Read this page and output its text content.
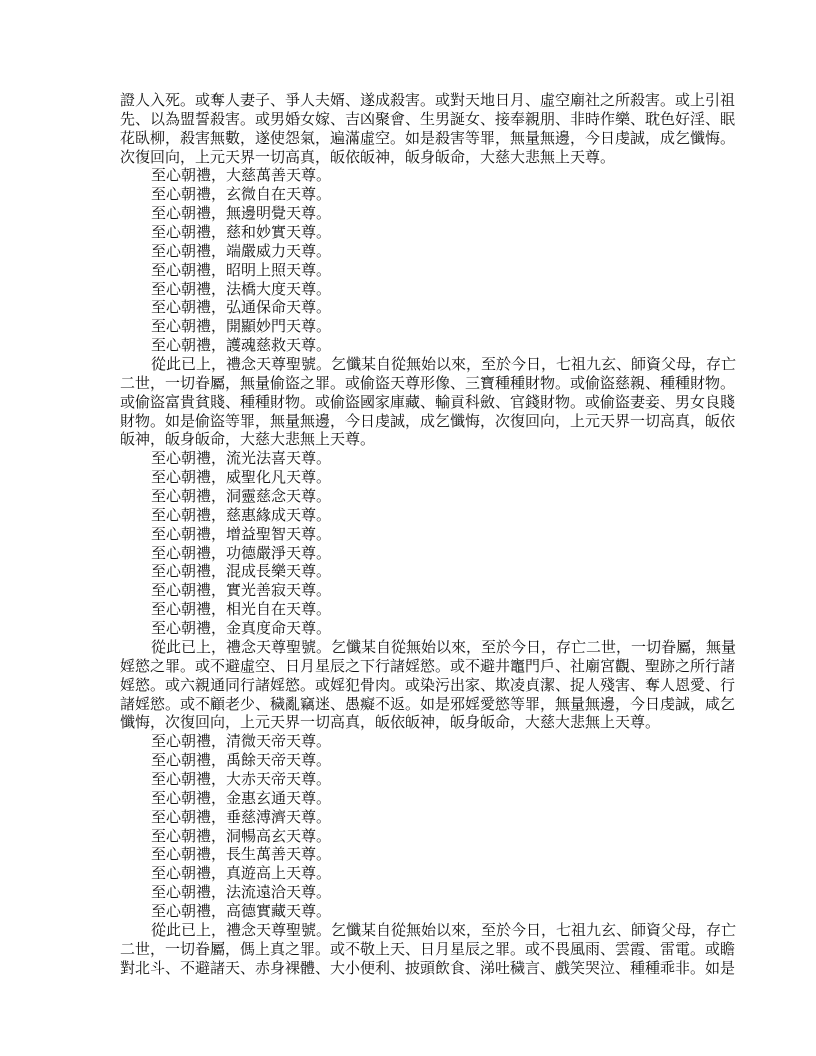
證人入死。或奪人妻子、爭人夫婿、遂成殺害。或對天地日月、虛空廟社之所殺害。或上引祖
先、以為盟誓殺害。或男婚女嫁、吉凶聚會、生男誕女、接奉親朋、非時作樂、耽色好淫、眠
花臥柳，殺害無數，遂使怨氣，遍滿虛空。如是殺害等罪，無量無邊，今日虔誠，成乞懺悔。
次復回向，上元天界一切高真，皈依皈神，皈身皈命，大慈大悲無上天尊。
至心朝禮，大慈萬善天尊。
至心朝禮，玄微自在天尊。
至心朝禮，無邊明覺天尊。
至心朝禮，慈和妙實天尊。
至心朝禮，端嚴威力天尊。
至心朝禮，昭明上照天尊。
至心朝禮，法橋大度天尊。
至心朝禮，弘通保命天尊。
至心朝禮，開顯妙門天尊。
至心朝禮，護魂慈救天尊。
從此已上，禮念天尊聖號。乞懺某自從無始以來，至於今日，七祖九玄、師資父母，存亡
二世，一切眷屬，無量偷盜之罪。或偷盜天尊形像、三寶種種財物。或偷盜慈親、種種財物。
或偷盜富貴貧賤、種種財物。或偷盜國家庫藏、輸貢科斂、官錢財物。或偷盜妻妾、男女良賤
財物。如是偷盜等罪，無量無邊，今日虔誠，成乞懺悔，次復回向，上元天界一切高真，皈依
皈神，皈身皈命，大慈大悲無上天尊。
至心朝禮，流光法喜天尊。
至心朝禮，威聖化凡天尊。
至心朝禮，洞靈慈念天尊。
至心朝禮，慈惠緣成天尊。
至心朝禮，增益聖智天尊。
至心朝禮，功德嚴淨天尊。
至心朝禮，混成長樂天尊。
至心朝禮，實光善寂天尊。
至心朝禮，相光自在天尊。
至心朝禮，金真度命天尊。
從此已上，禮念天尊聖號。乞懺某自從無始以來，至於今日，存亡二世，一切眷屬，無量
婬慾之罪。或不避虛空、日月星辰之下行諸婬慾。或不避井竈門戶、社廟宮觀、聖跡之所行諸
婬慾。或六親通同行諸婬慾。或婬犯骨肉。或染污出家、欺凌貞潔、捉人殘害、奪人恩愛、行
諸婬慾。或不顧老少、穢亂竊迷、愚癡不返。如是邪婬愛慾等罪，無量無邊，今日虔誠，咸乞
懺悔，次復回向，上元天界一切高真，皈依皈神，皈身皈命，大慈大悲無上天尊。
至心朝禮，清微天帝天尊。
至心朝禮，禹餘天帝天尊。
至心朝禮，大赤天帝天尊。
至心朝禮，金惠玄通天尊。
至心朝禮，垂慈溥濟天尊。
至心朝禮，洞暢高玄天尊。
至心朝禮，長生萬善天尊。
至心朝禮，真遊高上天尊。
至心朝禮，法流遠洽天尊。
至心朝禮，高德實藏天尊。
從此已上，禮念天尊聖號。乞懺某自從無始以來，至於今日，七祖九玄、師資父母，存亡
二世，一切眷屬，傌上真之罪。或不敬上天、日月星辰之罪。或不畏風雨、雲霞、雷電。或瞻
對北斗、不避諸天、赤身裸體、大小便利、披頭飲食、涕吐穢言、戲笑哭泣、種種乖非。如是
